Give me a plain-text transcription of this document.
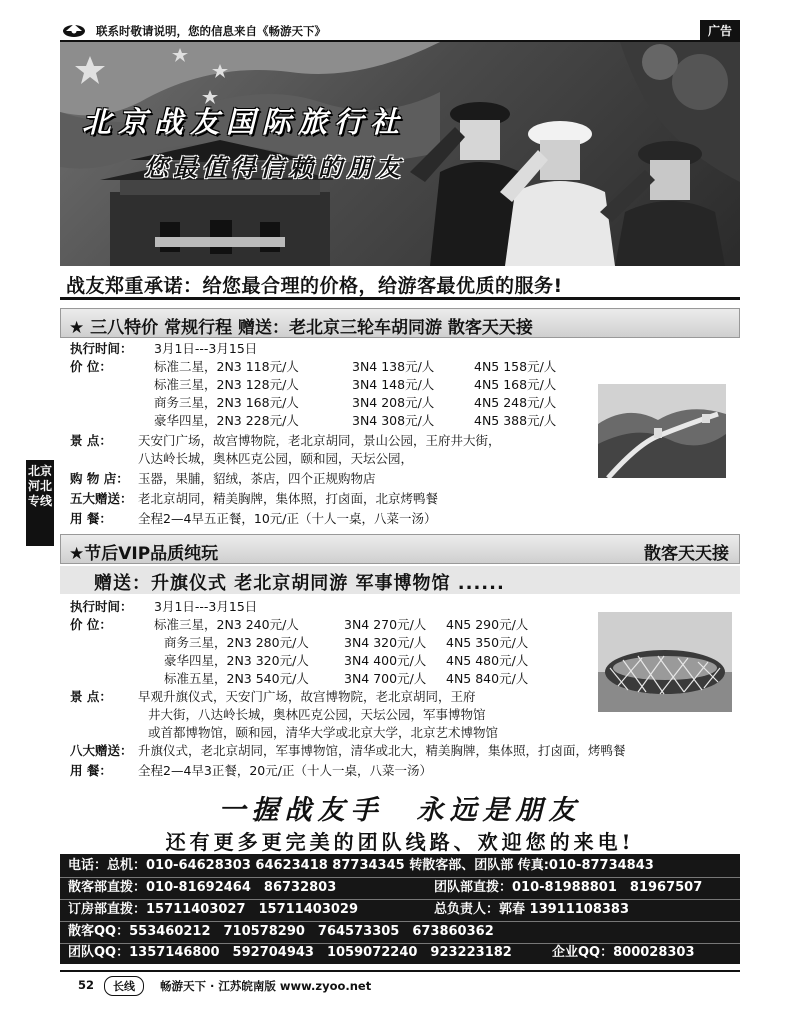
联系时敬请说明，您的信息来自《畅游天下》	广告
北京战友国际旅行社
您最值得信赖的朋友
战友郑重承诺：给您最合理的价格，给游客最优质的服务!
★ 三八特价 常规行程 赠送：老北京三轮车胡同游 散客天天接
执行时间： 3月1日---3月15日
价 位：	标准二星，2N3 118元/人	3N4 138元/人	4N5 158元/人
标准三星，2N3 128元/人	3N4 148元/人	4N5 168元/人
商务三星，2N3 168元/人	3N4 208元/人	4N5 248元/人
豪华四星，2N3 228元/人	3N4 308元/人	4N5 388元/人
景 点： 天安门广场，故宫博物院，老北京胡同，景山公园，王府井大街，
八达岭长城，奥林匹克公园，颐和园，天坛公园，
购 物 店： 玉器，果脯，貂绒，茶店，四个正规购物店
五大赠送： 老北京胡同，精美胸牌，集体照，打卤面，北京烤鸭餐
用 餐： 全程2—4早五正餐，10元/正（十人一桌，八菜一汤）
北京
河北
专线
★节后VIP品质纯玩	散客天天接
赠送：升旗仪式 老北京胡同游 军事博物馆 ......
执行时间： 3月1日---3月15日
价 位：	标准三星，2N3 240元/人	3N4 270元/人 4N5 290元/人
商务三星，2N3 280元/人	3N4 320元/人 4N5 350元/人
豪华四星，2N3 320元/人	3N4 400元/人 4N5 480元/人
标准五星，2N3 540元/人	3N4 700元/人 4N5 840元/人
景 点： 早观升旗仪式，天安门广场，故宫博物院，老北京胡同，王府
井大街，八达岭长城，奥林匹克公园，天坛公园，军事博物馆
或首都博物馆，颐和园，清华大学或北京大学，北京艺术博物馆
八大赠送： 升旗仪式，老北京胡同，军事博物馆，清华或北大，精美胸牌，集体照，打卤面，烤鸭餐
用 餐： 全程2—4早3正餐，20元/正（十人一桌，八菜一汤）
一握战友手　永远是朋友
还有更多更完美的团队线路、欢迎您的来电!
电话：总机：010-64628303 64623418 87734345 转散客部、团队部 传真:010-87734843
散客部直拨：010-81692464　86732803	团队部直拨：010-81988801　81967507
订房部直拨：15711403027　15711403029	总负责人：郭春 13911108383
散客QQ：553460212　710578290　764573305　673860362
团队QQ：1357146800　592704943　1059072240　923223182	企业QQ：800028303
52	长线	畅游天下 · 江苏皖南版 www.zyoo.net
